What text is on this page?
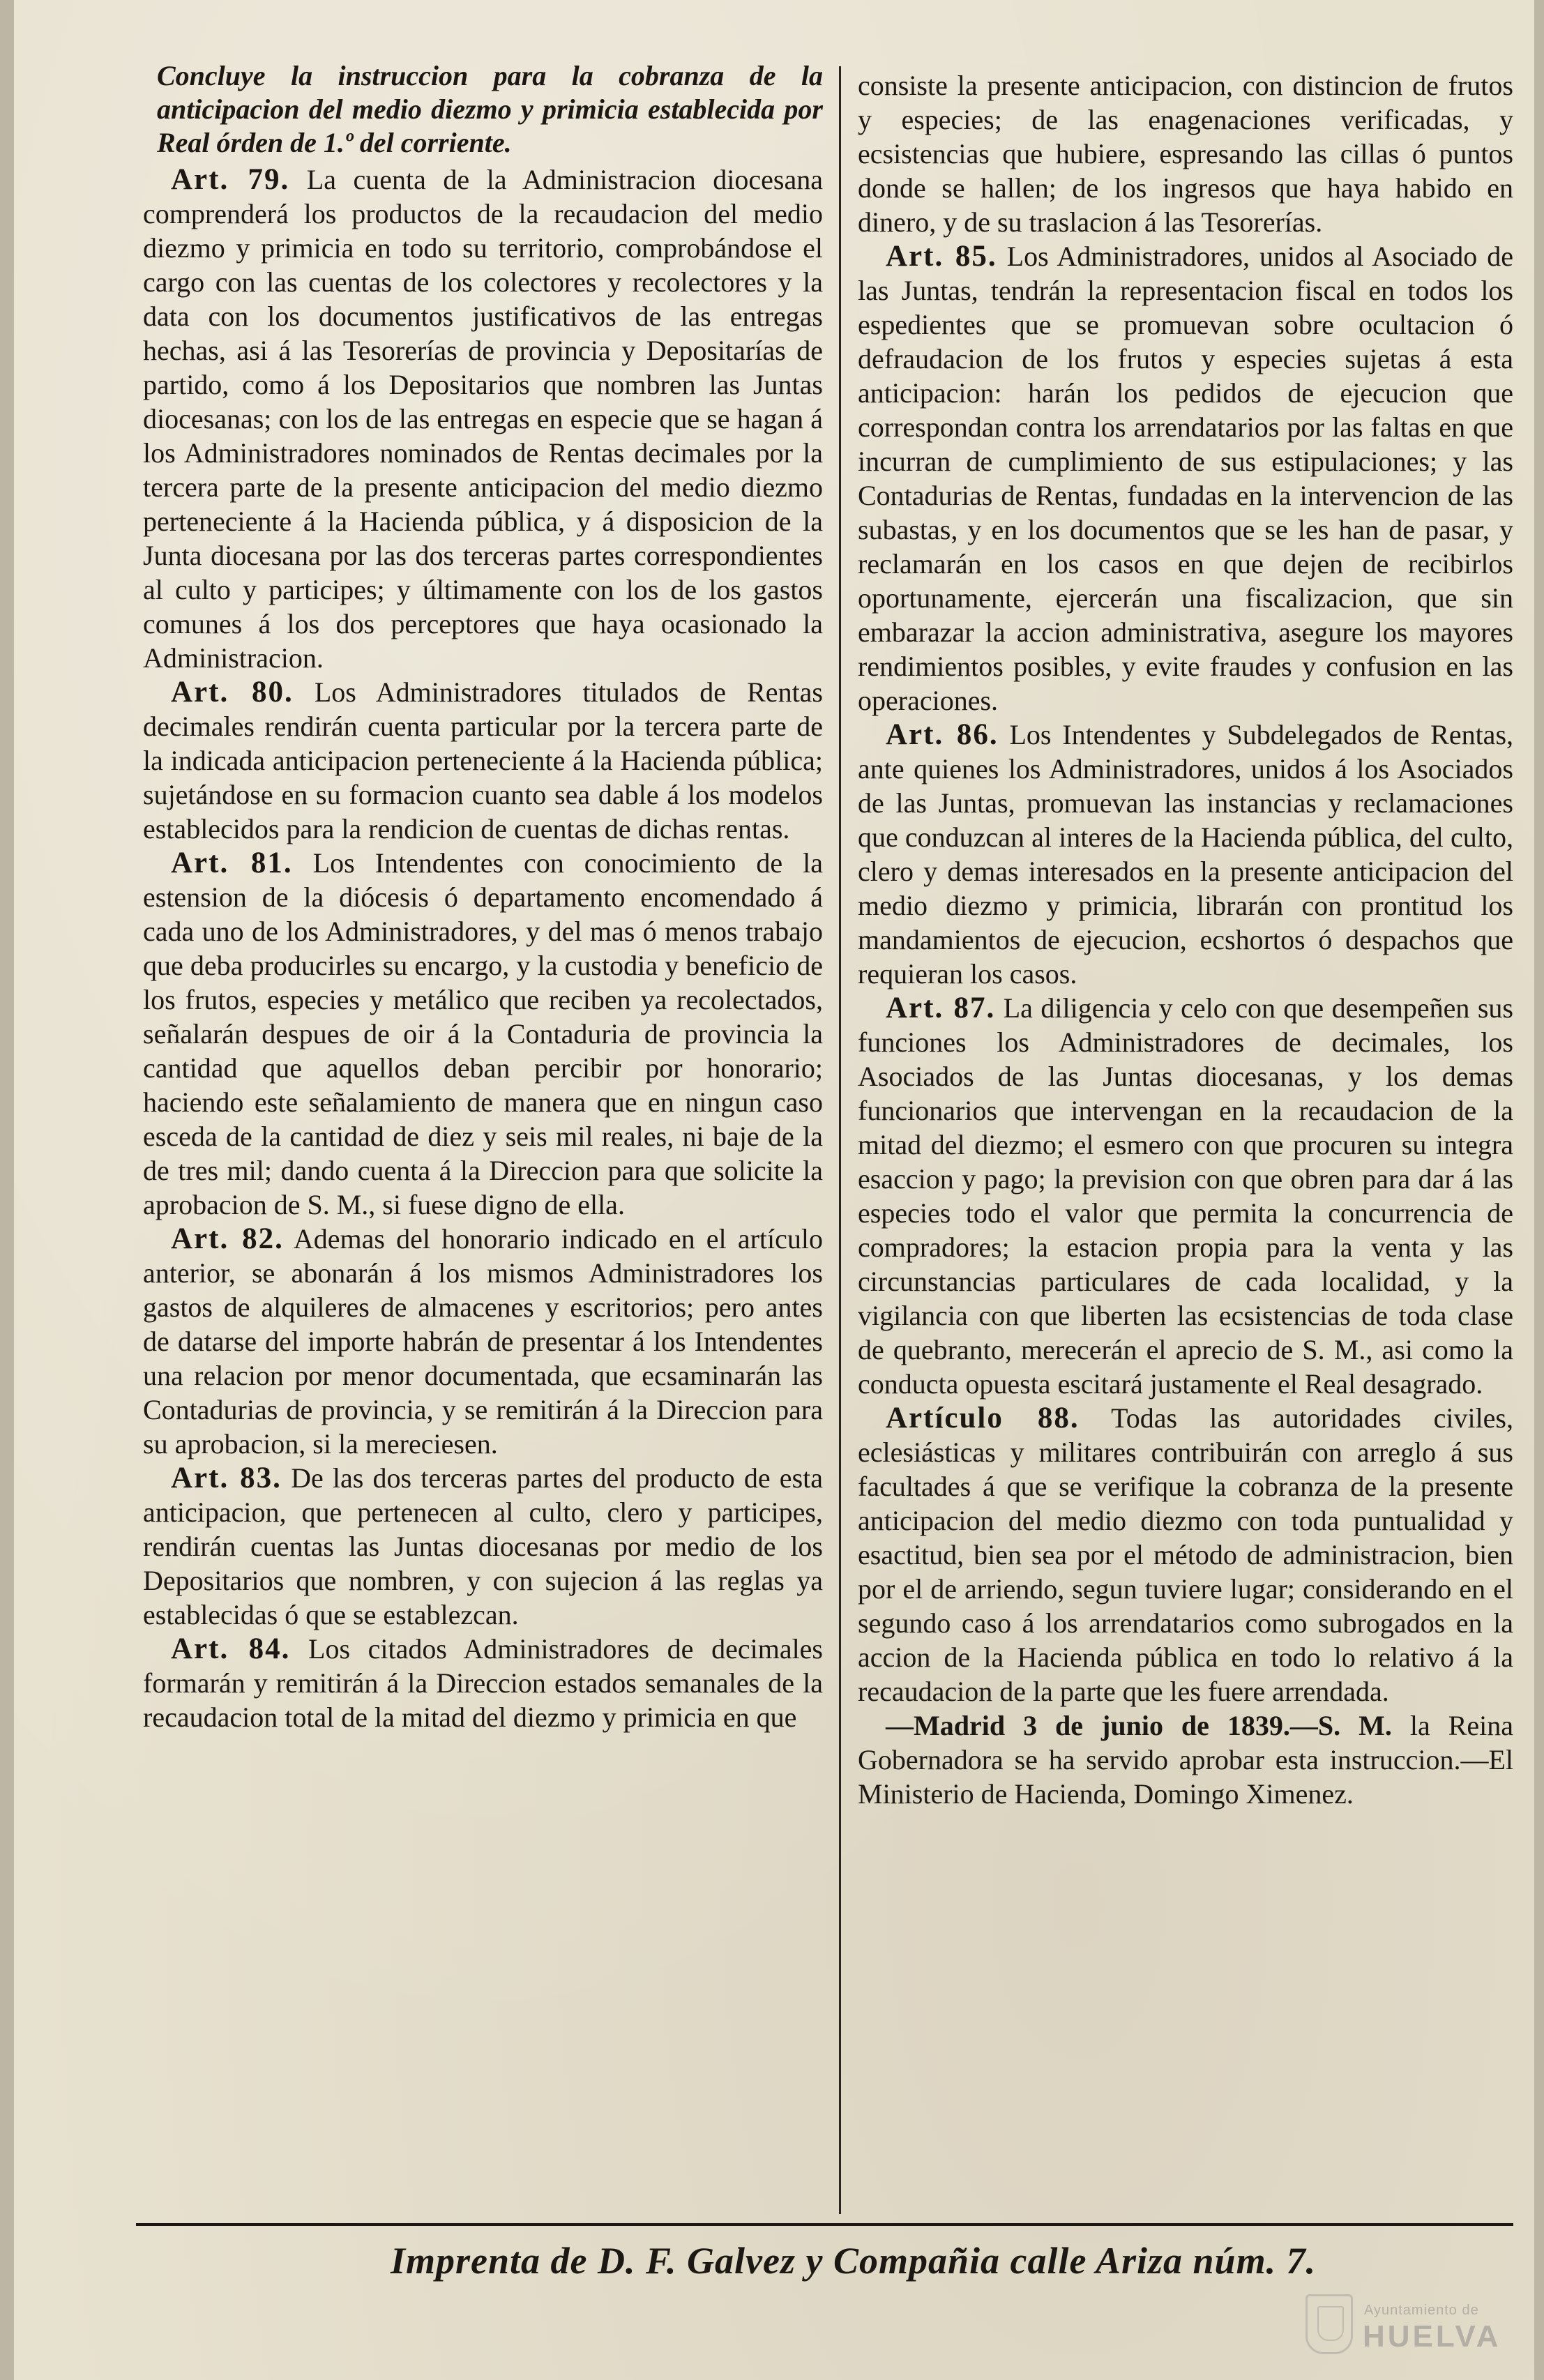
Concluye la instruccion para la cobranza de la anticipacion del medio diezmo y primicia establecida por Real órden de 1.º del corriente.

Art. 79. La cuenta de la Administracion diocesana comprenderá los productos de la recaudacion del medio diezmo y primicia en todo su territorio, comprobándose el cargo con las cuentas de los colectores y recolectores y la data con los documentos justificativos de las entregas hechas, asi á las Tesorerías de provincia y Depositarías de partido, como á los Depositarios que nombren las Juntas diocesanas; con los de las entregas en especie que se hagan á los Administradores nominados de Rentas decimales por la tercera parte de la presente anticipacion del medio diezmo perteneciente á la Hacienda pública, y á disposicion de la Junta diocesana por las dos terceras partes correspondientes al culto y participes; y últimamente con los de los gastos comunes á los dos perceptores que haya ocasionado la Administracion.

Art. 80. Los Administradores titulados de Rentas decimales rendirán cuenta particular por la tercera parte de la indicada anticipacion perteneciente á la Hacienda pública; sujetándose en su formacion cuanto sea dable á los modelos establecidos para la rendicion de cuentas de dichas rentas.

Art. 81. Los Intendentes con conocimiento de la estension de la diócesis ó departamento encomendado á cada uno de los Administradores, y del mas ó menos trabajo que deba producirles su encargo, y la custodia y beneficio de los frutos, especies y metálico que reciben ya recolectados, señalarán despues de oir á la Contaduria de provincia la cantidad que aquellos deban percibir por honorario; haciendo este señalamiento de manera que en ningun caso esceda de la cantidad de diez y seis mil reales, ni baje de la de tres mil; dando cuenta á la Direccion para que solicite la aprobacion de S. M., si fuese digno de ella.

Art. 82. Ademas del honorario indicado en el artículo anterior, se abonarán á los mismos Administradores los gastos de alquileres de almacenes y escritorios; pero antes de datarse del importe habrán de presentar á los Intendentes una relacion por menor documentada, que ecsaminarán las Contadurias de provincia, y se remitirán á la Direccion para su aprobacion, si la mereciesen.

Art. 83. De las dos terceras partes del producto de esta anticipacion, que pertenecen al culto, clero y participes, rendirán cuentas las Juntas diocesanas por medio de los Depositarios que nombren, y con sujecion á las reglas ya establecidas ó que se establezcan.

Art. 84. Los citados Administradores de decimales formarán y remitirán á la Direccion estados semanales de la recaudacion total de la mitad del diezmo y primicia en que

consiste la presente anticipacion, con distincion de frutos y especies; de las enagenaciones verificadas, y ecsistencias que hubiere, espresando las cillas ó puntos donde se hallen; de los ingresos que haya habido en dinero, y de su traslacion á las Tesorerías.

Art. 85. Los Administradores, unidos al Asociado de las Juntas, tendrán la representacion fiscal en todos los espedientes que se promuevan sobre ocultacion ó defraudacion de los frutos y especies sujetas á esta anticipacion: harán los pedidos de ejecucion que correspondan contra los arrendatarios por las faltas en que incurran de cumplimiento de sus estipulaciones; y las Contadurias de Rentas, fundadas en la intervencion de las subastas, y en los documentos que se les han de pasar, y reclamarán en los casos en que dejen de recibirlos oportunamente, ejercerán una fiscalizacion, que sin embarazar la accion administrativa, asegure los mayores rendimientos posibles, y evite fraudes y confusion en las operaciones.

Art. 86. Los Intendentes y Subdelegados de Rentas, ante quienes los Administradores, unidos á los Asociados de las Juntas, promuevan las instancias y reclamaciones que conduzcan al interes de la Hacienda pública, del culto, clero y demas interesados en la presente anticipacion del medio diezmo y primicia, librarán con prontitud los mandamientos de ejecucion, ecshortos ó despachos que requieran los casos.

Art. 87. La diligencia y celo con que desempeñen sus funciones los Administradores de decimales, los Asociados de las Juntas diocesanas, y los demas funcionarios que intervengan en la recaudacion de la mitad del diezmo; el esmero con que procuren su integra esaccion y pago; la prevision con que obren para dar á las especies todo el valor que permita la concurrencia de compradores; la estacion propia para la venta y las circunstancias particulares de cada localidad, y la vigilancia con que liberten las ecsistencias de toda clase de quebranto, merecerán el aprecio de S. M., asi como la conducta opuesta escitará justamente el Real desagrado.

Artículo 88. Todas las autoridades civiles, eclesiásticas y militares contribuirán con arreglo á sus facultades á que se verifique la cobranza de la presente anticipacion del medio diezmo con toda puntualidad y esactitud, bien sea por el método de administracion, bien por el de arriendo, segun tuviere lugar; considerando en el segundo caso á los arrendatarios como subrogados en la accion de la Hacienda pública en todo lo relativo á la recaudacion de la parte que les fuere arrendada.

—Madrid 3 de junio de 1839.—S. M. la Reina Gobernadora se ha servido aprobar esta instruccion.—El Ministerio de Hacienda, Domingo Ximenez.

Imprenta de D. F. Galvez y Compañia calle Ariza núm. 7.
Ayuntamiento de
HUELVA
